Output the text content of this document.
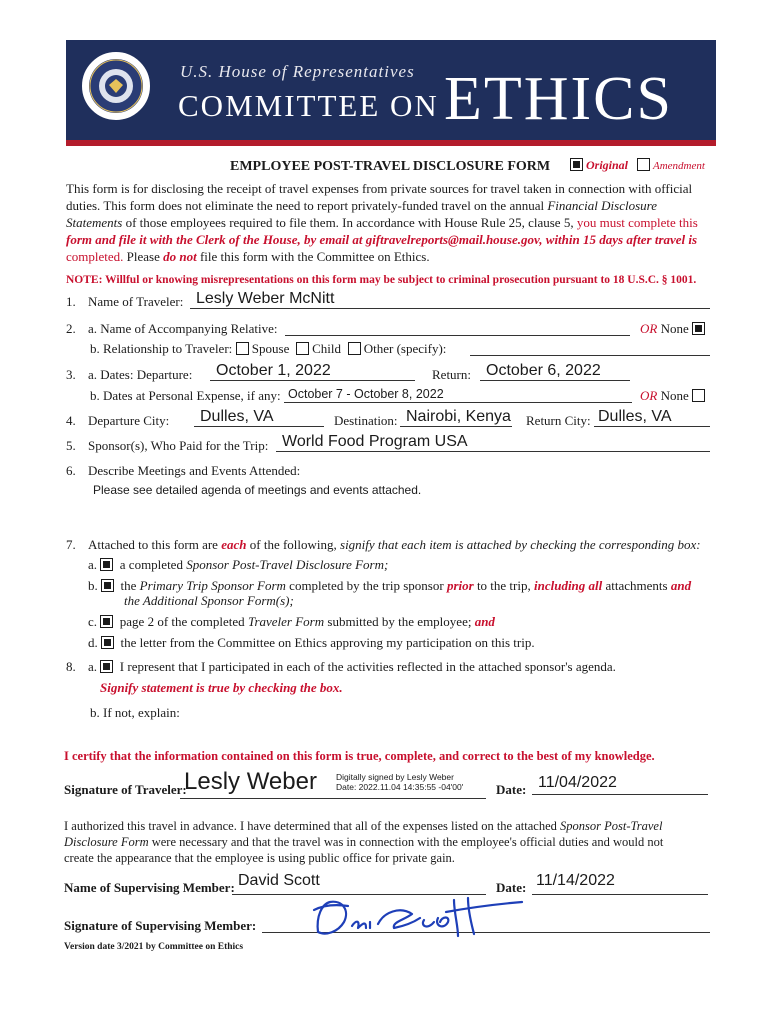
U.S. House of Representatives
COMMITTEE ON ETHICS
EMPLOYEE POST-TRAVEL DISCLOSURE FORM	Original Amendment
This form is for disclosing the receipt of travel expenses from private sources for travel taken in connection with official
duties. This form does not eliminate the need to report privately-funded travel on the annual Financial Disclosure
Statements of those employees required to file them. In accordance with House Rule 25, clause 5, you must complete this
form and file it with the Clerk of the House, by email at giftravelreports@mail.house.gov, within 15 days after travel is
completed. Please do not file this form with the Committee on Ethics.
NOTE: Willful or knowing misrepresentations on this form may be subject to criminal prosecution pursuant to 18 U.S.C. § 1001.
1. Name of Traveler: Lesly Weber McNitt
2. a. Name of Accompanying Relative:	OR None
b. Relationship to Traveler: Spouse Child Other (specify):
3. a. Dates: Departure: October 1, 2022	Return: October 6, 2022
b. Dates at Personal Expense, if any: October 7 - October 8, 2022	OR None
4. Departure City: Dulles, VA	Destination: Nairobi, Kenya Return City: Dulles, VA
5. Sponsor(s), Who Paid for the Trip: World Food Program USA
6. Describe Meetings and Events Attended:
Please see detailed agenda of meetings and events attached.
7. Attached to this form are each of the following, signify that each item is attached by checking the corresponding box:
a. a completed Sponsor Post-Travel Disclosure Form;
b. the Primary Trip Sponsor Form completed by the trip sponsor prior to the trip, including all attachments and
the Additional Sponsor Form(s);
c. page 2 of the completed Traveler Form submitted by the employee; and
d. the letter from the Committee on Ethics approving my participation on this trip.
8. a. I represent that I participated in each of the activities reflected in the attached sponsor's agenda.
Signify statement is true by checking the box.
b. If not, explain:
I certify that the information contained on this form is true, complete, and correct to the best of my knowledge.
Signature of Traveler:
Lesly Weber Digitally signed by Lesly Weber
Date: 2022.11.04 14:35:55 -04'00'	Date: 11/04/2022
I authorized this travel in advance. I have determined that all of the expenses listed on the attached Sponsor Post-Travel
Disclosure Form were necessary and that the travel was in connection with the employee's official duties and would not
create the appearance that the employee is using public office for private gain.
Name of Supervising Member: David Scott	Date: 11/14/2022
Signature of Supervising Member:
Version date 3/2021 by Committee on Ethics
